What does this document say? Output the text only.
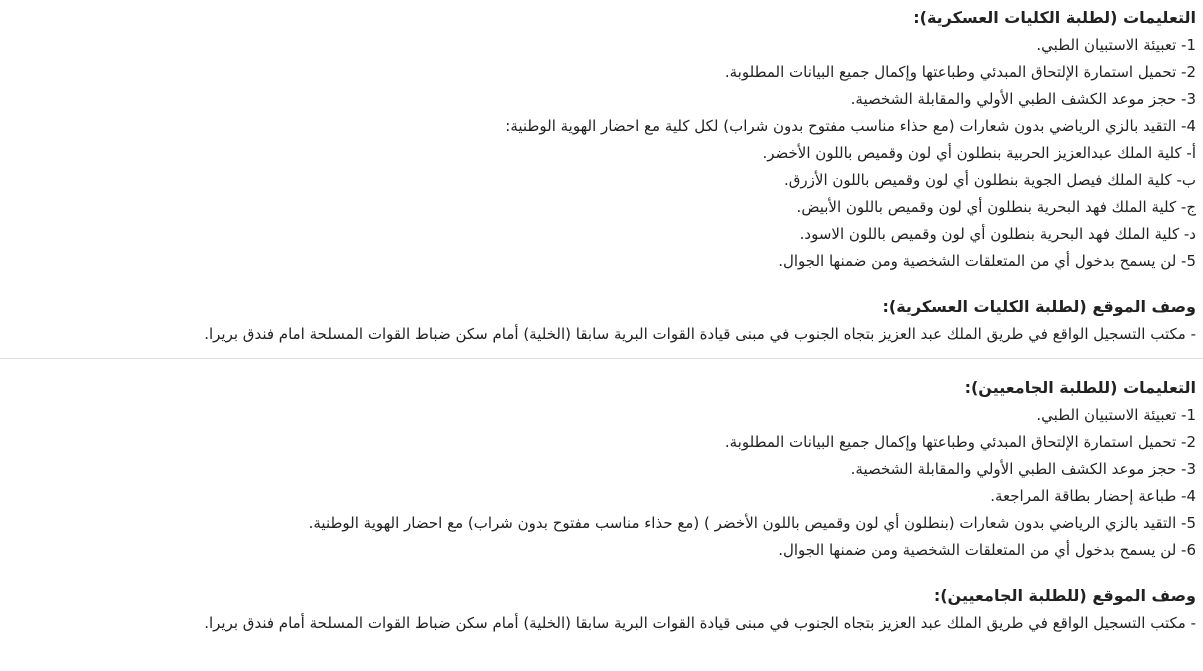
التعليمات (لطلبة الكليات العسكرية):

1- تعبيئة الاستبيان الطبي.

2- تحميل استمارة الإلتحاق المبدئي وطباعتها وإكمال جميع البيانات المطلوبة.

3- حجز موعد الكشف الطبي الأولي والمقابلة الشخصية.

4- التقيد بالزي الرياضي بدون شعارات (مع حذاء مناسب مفتوح بدون شراب) لكل كلية مع احضار الهوية الوطنية:

أ- كلية الملك عبدالعزيز الحربية بنطلون أي لون وقميص باللون الأخضر.

ب- كلية الملك فيصل الجوية بنطلون أي لون وقميص باللون الأزرق.

ج- كلية الملك فهد البحرية بنطلون أي لون وقميص باللون الأبيض.

د- كلية الملك فهد البحرية بنطلون أي لون وقميص باللون الاسود.

5- لن يسمح بدخول أي من المتعلقات الشخصية ومن ضمنها الجوال.

وصف الموقع (لطلبة الكليات العسكرية):

- مكتب التسجيل الواقع في طريق الملك عبد العزيز بتجاه الجنوب في مبنى قيادة القوات البرية سابقا (الخلية) أمام سكن ضباط القوات المسلحة امام فندق بريرا.

التعليمات (للطلبة الجامعيين):

1- تعبيئة الاستبيان الطبي.

2- تحميل استمارة الإلتحاق المبدئي وطباعتها وإكمال جميع البيانات المطلوبة.

3- حجز موعد الكشف الطبي الأولي والمقابلة الشخصية.

4- طباعة إحضار بطاقة المراجعة.

5- التقيد بالزي الرياضي بدون شعارات (بنطلون أي لون وقميص باللون الأخضر ) (مع حذاء مناسب مفتوح بدون شراب) مع احضار الهوية الوطنية.

6- لن يسمح بدخول أي من المتعلقات الشخصية ومن ضمنها الجوال.

وصف الموقع (للطلبة الجامعيين):

- مكتب التسجيل الواقع في طريق الملك عبد العزيز بتجاه الجنوب في مبنى قيادة القوات البرية سابقا (الخلية) أمام سكن ضباط القوات المسلحة أمام فندق بريرا.
